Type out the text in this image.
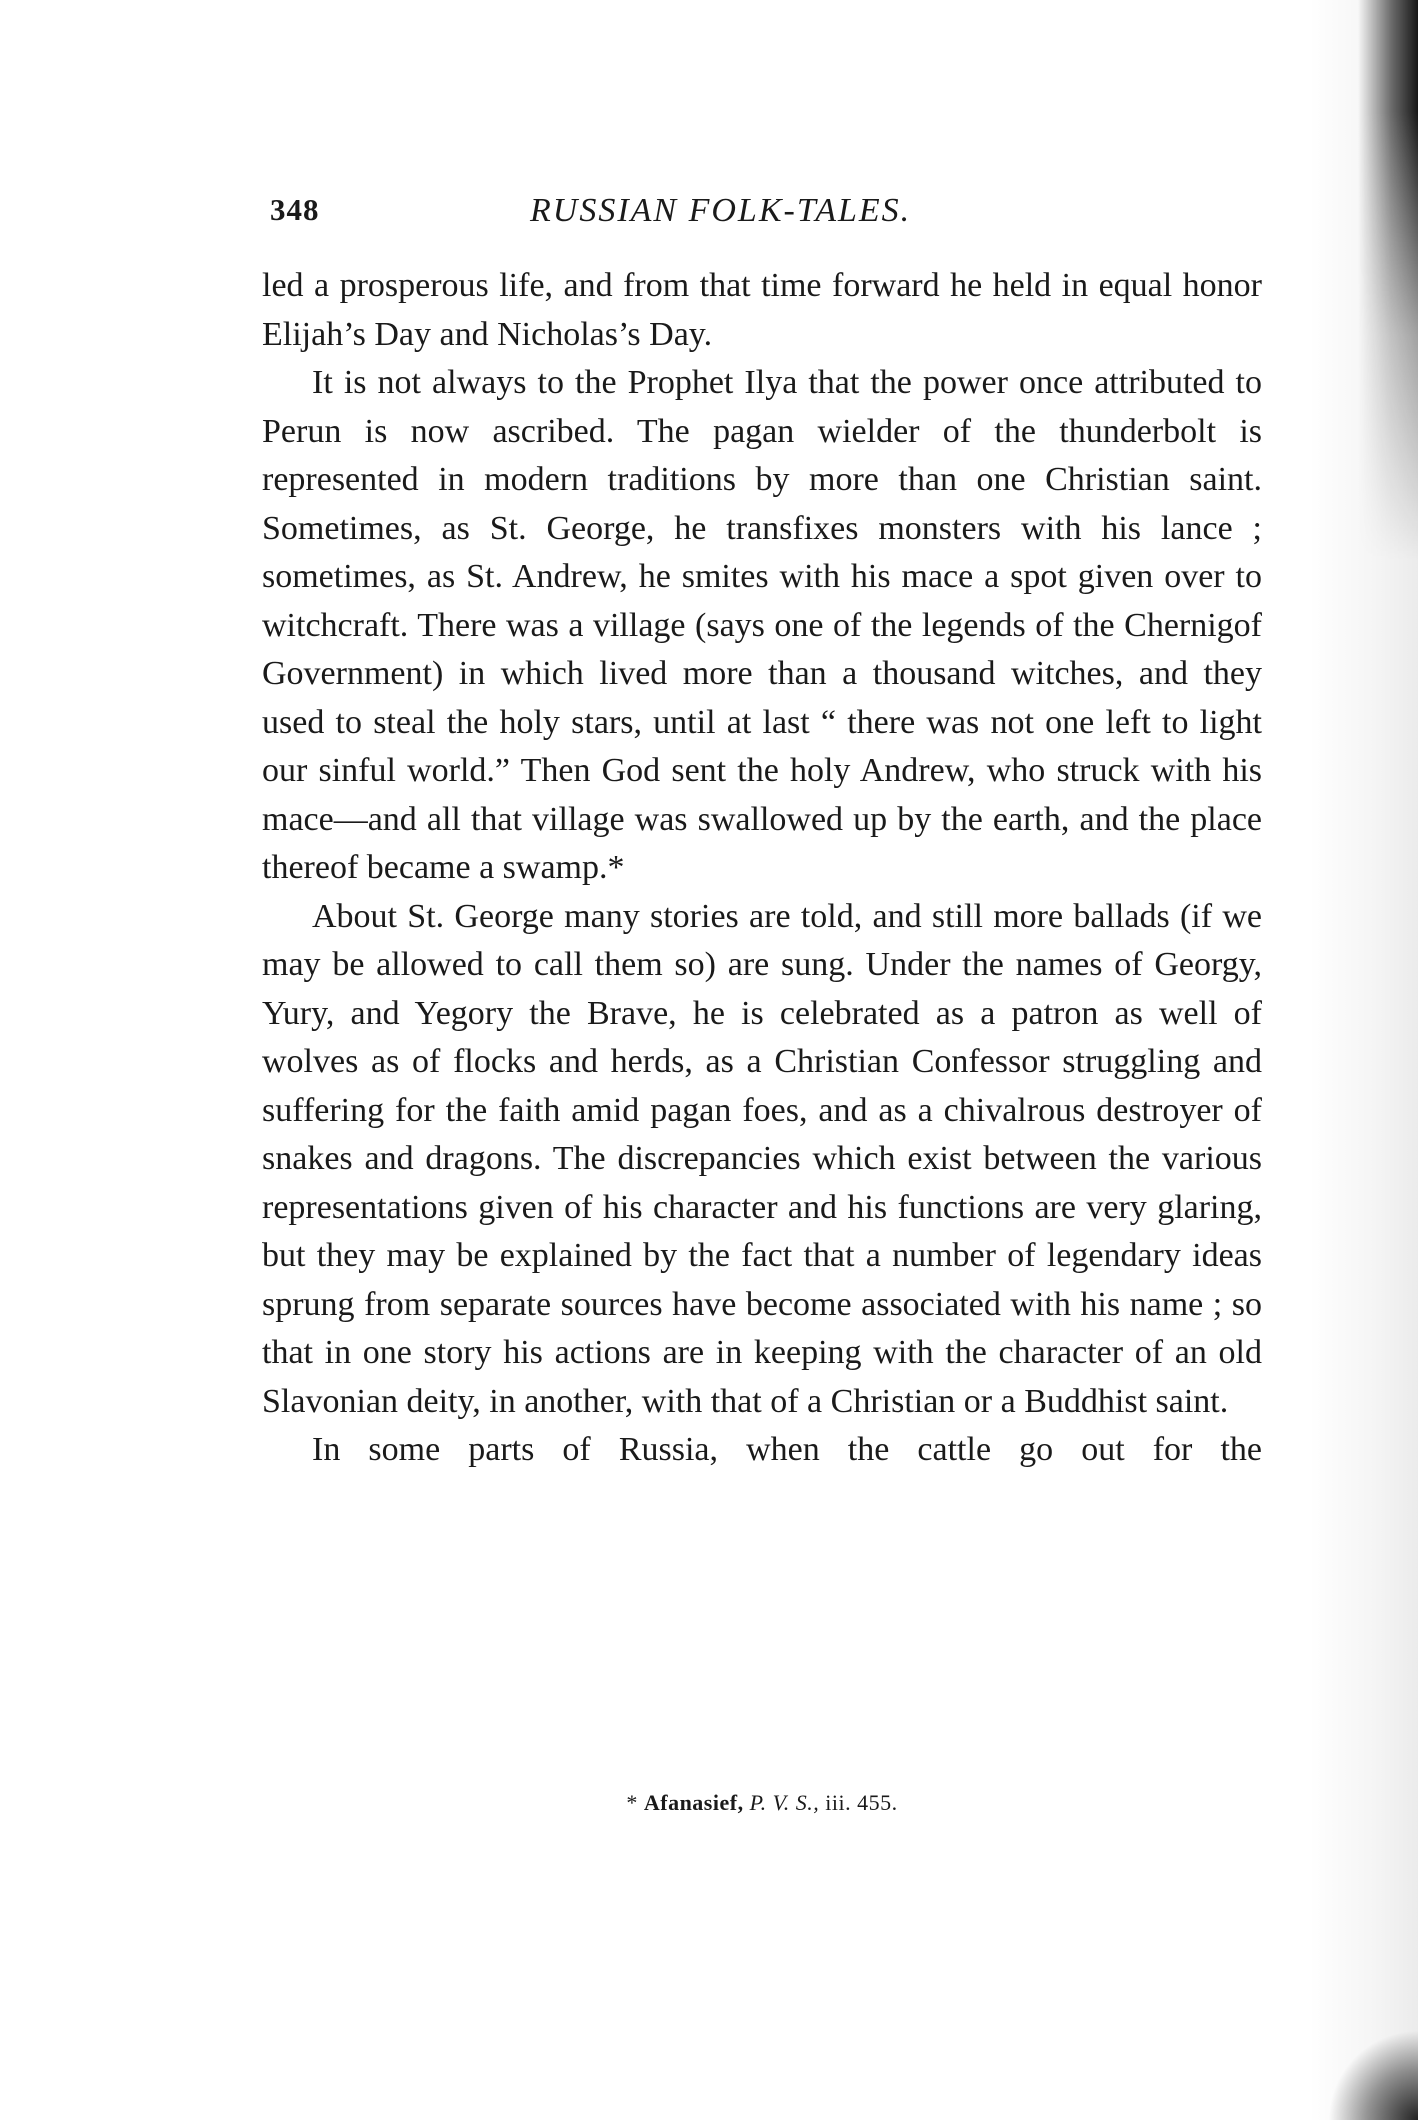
348	RUSSIAN FOLK-TALES.

led a prosperous life, and from that time forward he held in equal honor Elijah’s Day and Nicholas’s Day.

It is not always to the Prophet Ilya that the power once attributed to Perun is now ascribed. The pagan wielder of the thunderbolt is represented in modern traditions by more than one Christian saint. Sometimes, as St. George, he transfixes monsters with his lance ; sometimes, as St. Andrew, he smites with his mace a spot given over to witchcraft. There was a village (says one of the legends of the Chernigof Government) in which lived more than a thousand witches, and they used to steal the holy stars, until at last “ there was not one left to light our sinful world.” Then God sent the holy Andrew, who struck with his mace—and all that village was swallowed up by the earth, and the place thereof became a swamp.*

About St. George many stories are told, and still more ballads (if we may be allowed to call them so) are sung. Under the names of Georgy, Yury, and Yegory the Brave, he is celebrated as a patron as well of wolves as of flocks and herds, as a Christian Confessor struggling and suffering for the faith amid pagan foes, and as a chivalrous destroyer of snakes and dragons. The discrepancies which exist between the various representations given of his character and his functions are very glaring, but they may be explained by the fact that a number of legendary ideas sprung from separate sources have become associated with his name ; so that in one story his actions are in keeping with the character of an old Slavonian deity, in another, with that of a Christian or a Buddhist saint.

In some parts of Russia, when the cattle go out for the

* Afanasief, P. V. S., iii. 455.
